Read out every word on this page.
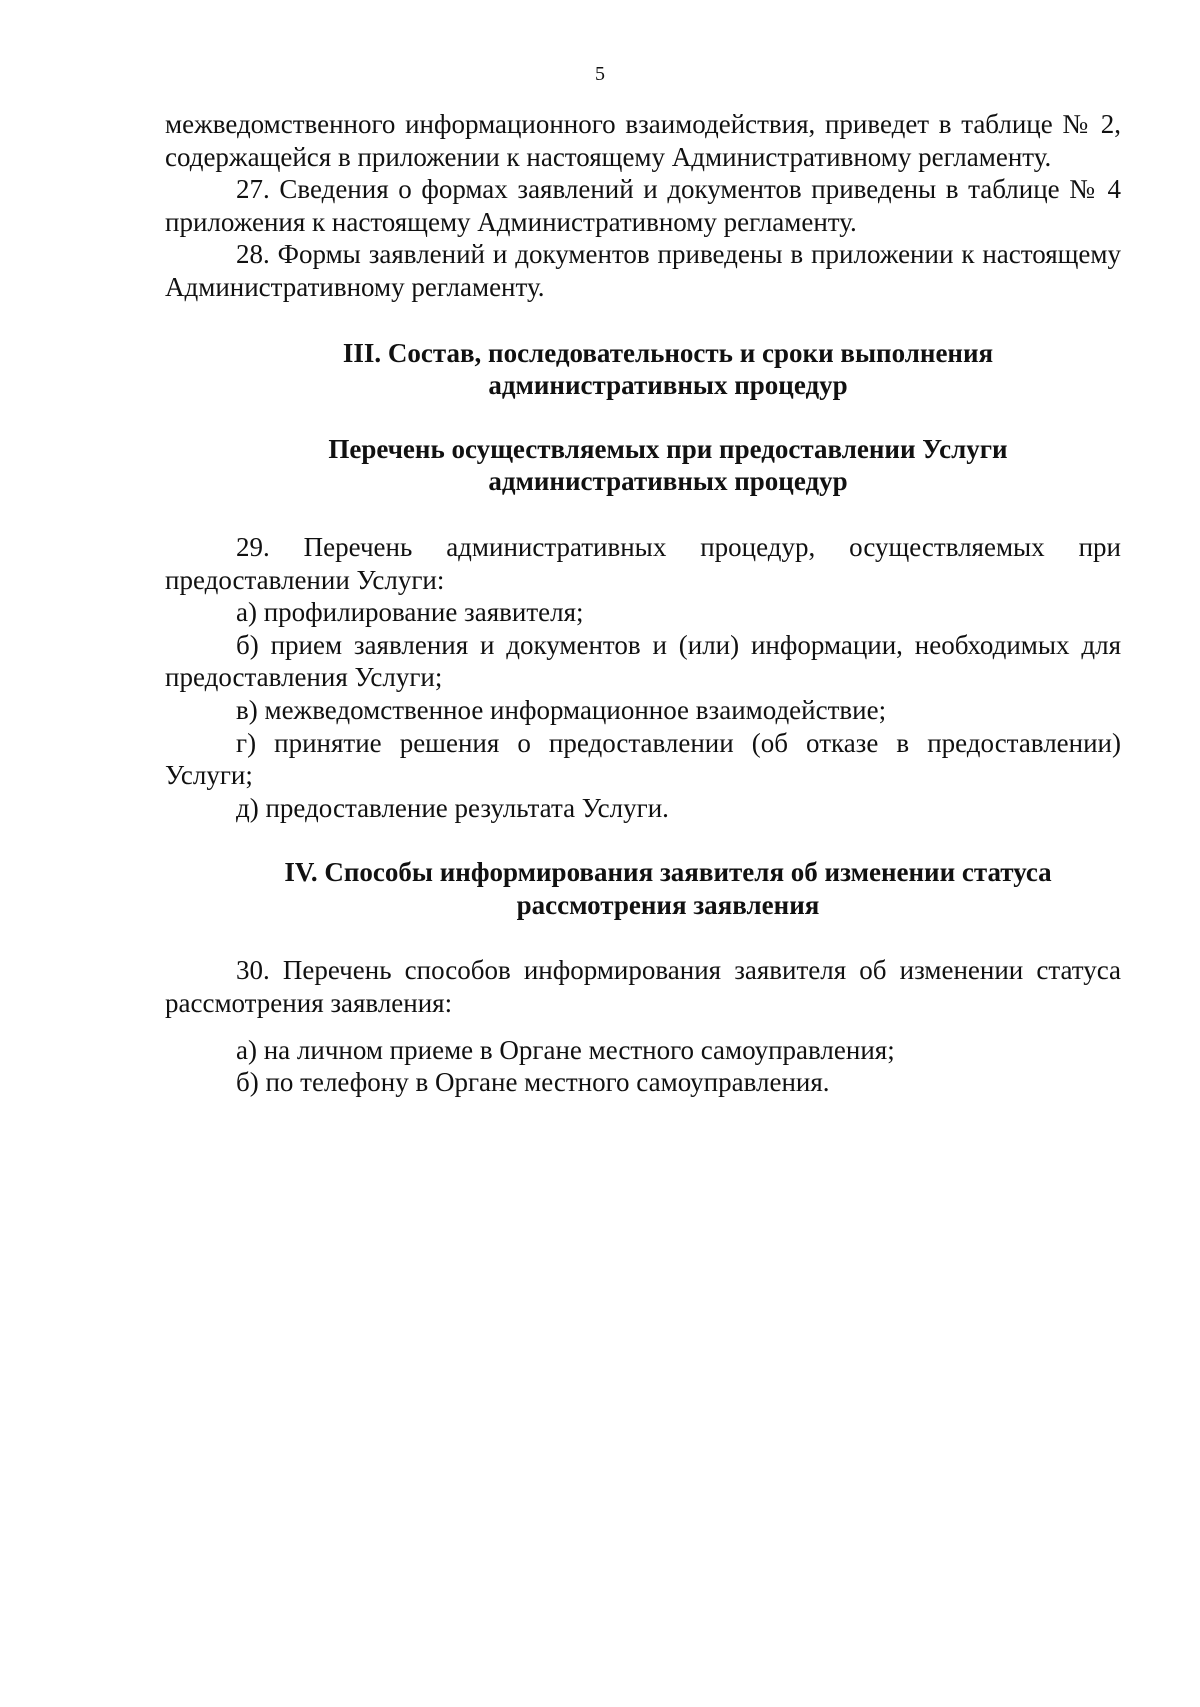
5

межведомственного информационного взаимодействия, приведет в таблице № 2, содержащейся в приложении к настоящему Административному регламенту.

27. Сведения о формах заявлений и документов приведены в таблице № 4 приложения к настоящему Административному регламенту.

28. Формы заявлений и документов приведены в приложении к настоящему Административному регламенту.

III. Состав, последовательность и сроки выполнения
административных процедур
Перечень осуществляемых при предоставлении Услуги
административных процедур

29. Перечень административных процедур, осуществляемых при предоставлении Услуги:

а) профилирование заявителя;

б) прием заявления и документов и (или) информации, необходимых для предоставления Услуги;

в) межведомственное информационное взаимодействие;

г) принятие решения о предоставлении (об отказе в предоставлении) Услуги;

д) предоставление результата Услуги.

IV. Способы информирования заявителя об изменении статуса
рассмотрения заявления

30. Перечень способов информирования заявителя об изменении статуса рассмотрения заявления:

а) на личном приеме в Органе местного самоуправления;

б) по телефону в Органе местного самоуправления.
